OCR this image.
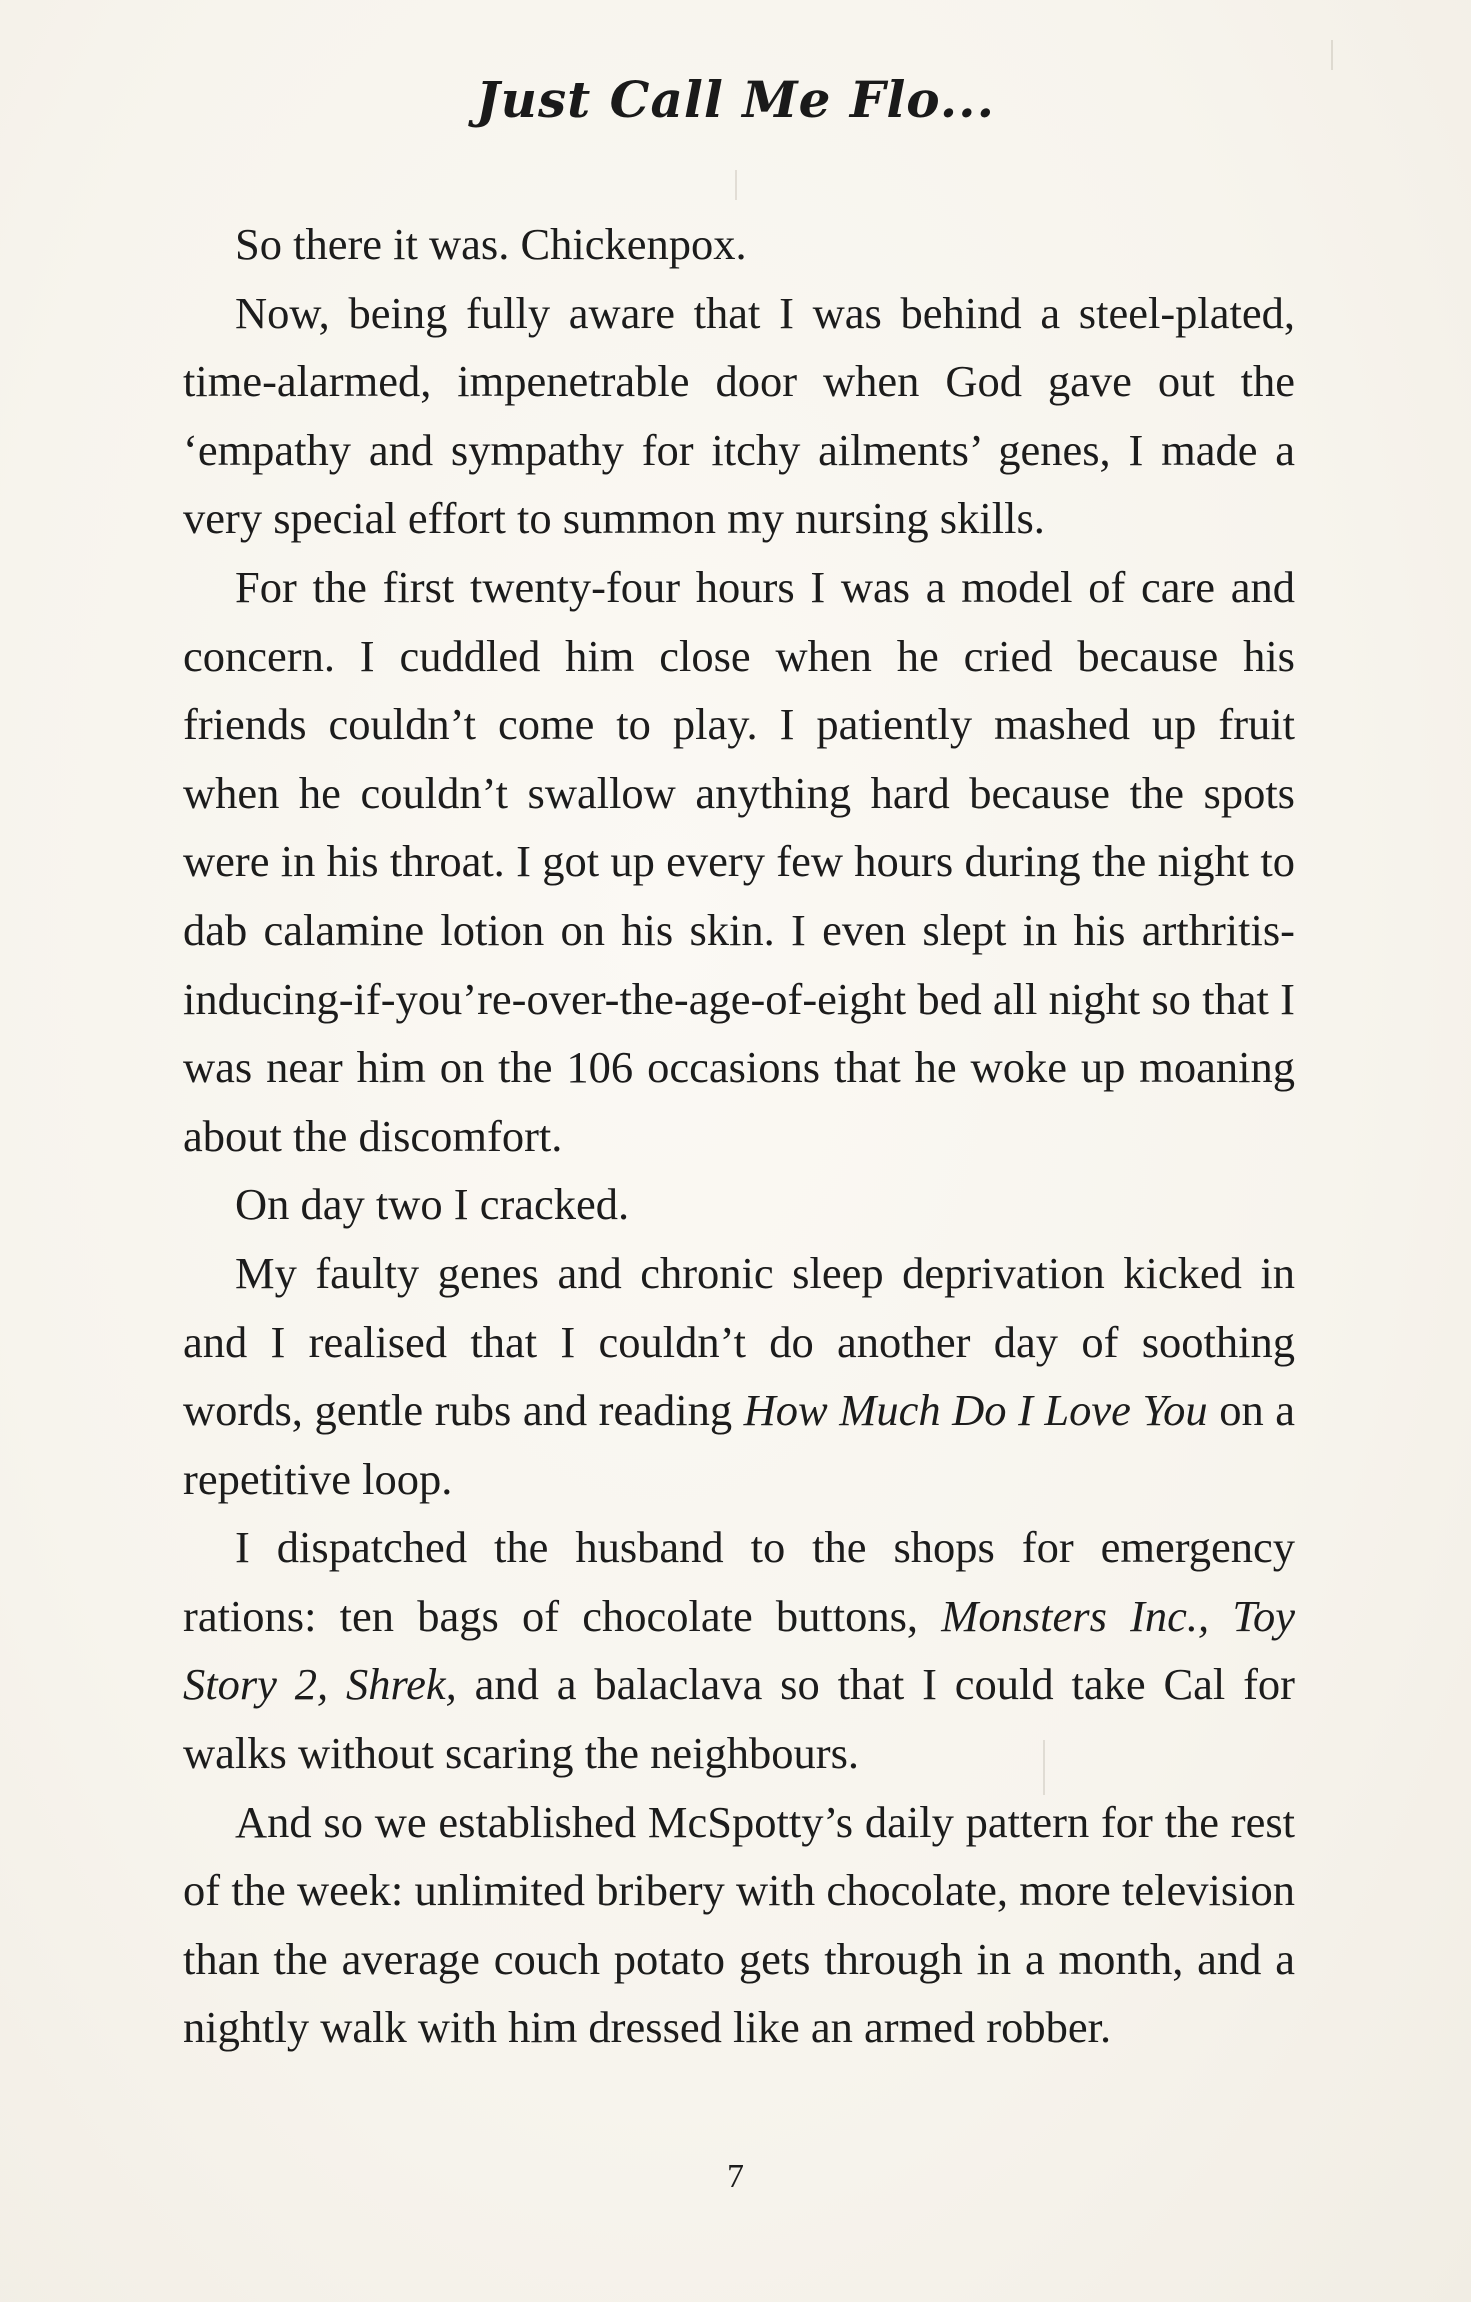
Just Call Me Flo...

So there it was. Chickenpox.

Now, being fully aware that I was behind a steel-plated, time-alarmed, impenetrable door when God gave out the ‘empathy and sympathy for itchy ailments’ genes, I made a very special effort to summon my nursing skills.

For the first twenty-four hours I was a model of care and concern. I cuddled him close when he cried because his friends couldn’t come to play. I patiently mashed up fruit when he couldn’t swallow anything hard because the spots were in his throat. I got up every few hours during the night to dab calamine lotion on his skin. I even slept in his arthritis-inducing-if-you’re-over-the-age-of-eight bed all night so that I was near him on the 106 occasions that he woke up moaning about the discomfort.

On day two I cracked.

My faulty genes and chronic sleep deprivation kicked in and I realised that I couldn’t do another day of soothing words, gentle rubs and reading How Much Do I Love You on a repetitive loop.

I dispatched the husband to the shops for emergency rations: ten bags of chocolate buttons, Monsters Inc., Toy Story 2, Shrek, and a balaclava so that I could take Cal for walks without scaring the neighbours.

And so we established McSpotty’s daily pattern for the rest of the week: unlimited bribery with chocolate, more television than the average couch potato gets through in a month, and a nightly walk with him dressed like an armed robber.

7
